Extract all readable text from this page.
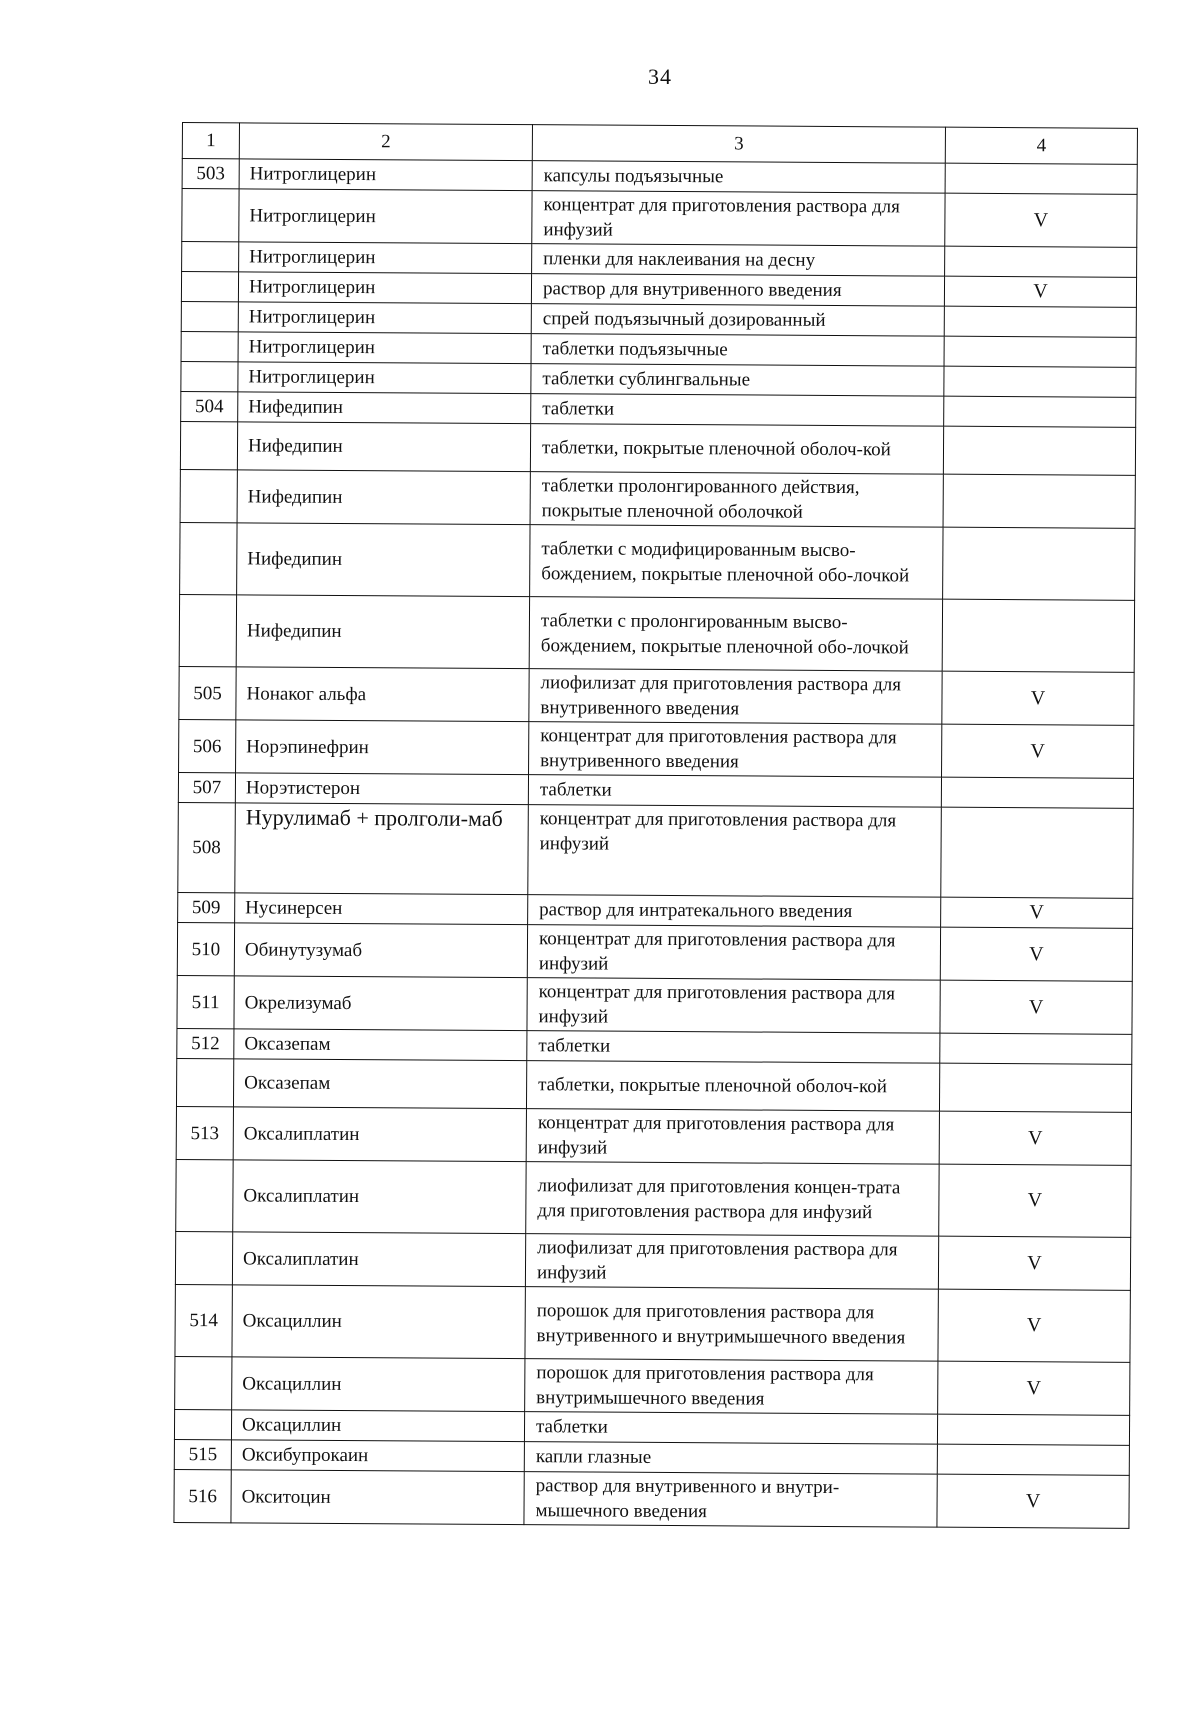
34
1	2	3	4
503	Нитроглицерин	капсулы подъязычные	
	Нитроглицерин	концентрат для приготовления раствора для инфузий	V
	Нитроглицерин	пленки для наклеивания на десну	
	Нитроглицерин	раствор для внутривенного введения	V
	Нитроглицерин	спрей подъязычный дозированный	
	Нитроглицерин	таблетки подъязычные	
	Нитроглицерин	таблетки сублингвальные	
504	Нифедипин	таблетки	
	Нифедипин	таблетки, покрытые пленочной оболоч-кой	
	Нифедипин	таблетки пролонгированного действия, покрытые пленочной оболочкой	
	Нифедипин	таблетки с модифицированным высво-бождением, покрытые пленочной обо-лочкой	
	Нифедипин	таблетки с пролонгированным высво-бождением, покрытые пленочной обо-лочкой	
505	Нонаког альфа	лиофилизат для приготовления раствора для внутривенного введения	V
506	Норэпинефрин	концентрат для приготовления раствора для внутривенного введения	V
507	Норэтистерон	таблетки	
508	Нурулимаб + пролголи-маб	концентрат для приготовления раствора для инфузий	
509	Нусинерсен	раствор для интратекального введения	V
510	Обинутузумаб	концентрат для приготовления раствора для инфузий	V
511	Окрелизумаб	концентрат для приготовления раствора для инфузий	V
512	Оксазепам	таблетки	
	Оксазепам	таблетки, покрытые пленочной оболоч-кой	
513	Оксалиплатин	концентрат для приготовления раствора для инфузий	V
	Оксалиплатин	лиофилизат для приготовления концен-трата для приготовления раствора для инфузий	V
	Оксалиплатин	лиофилизат для приготовления раствора для инфузий	V
514	Оксациллин	порошок для приготовления раствора для внутривенного и внутримышечного введения	V
	Оксациллин	порошок для приготовления раствора для внутримышечного введения	V
	Оксациллин	таблетки	
515	Оксибупрокаин	капли глазные	
516	Окситоцин	раствор для внутривенного и внутри-мышечного введения	V
